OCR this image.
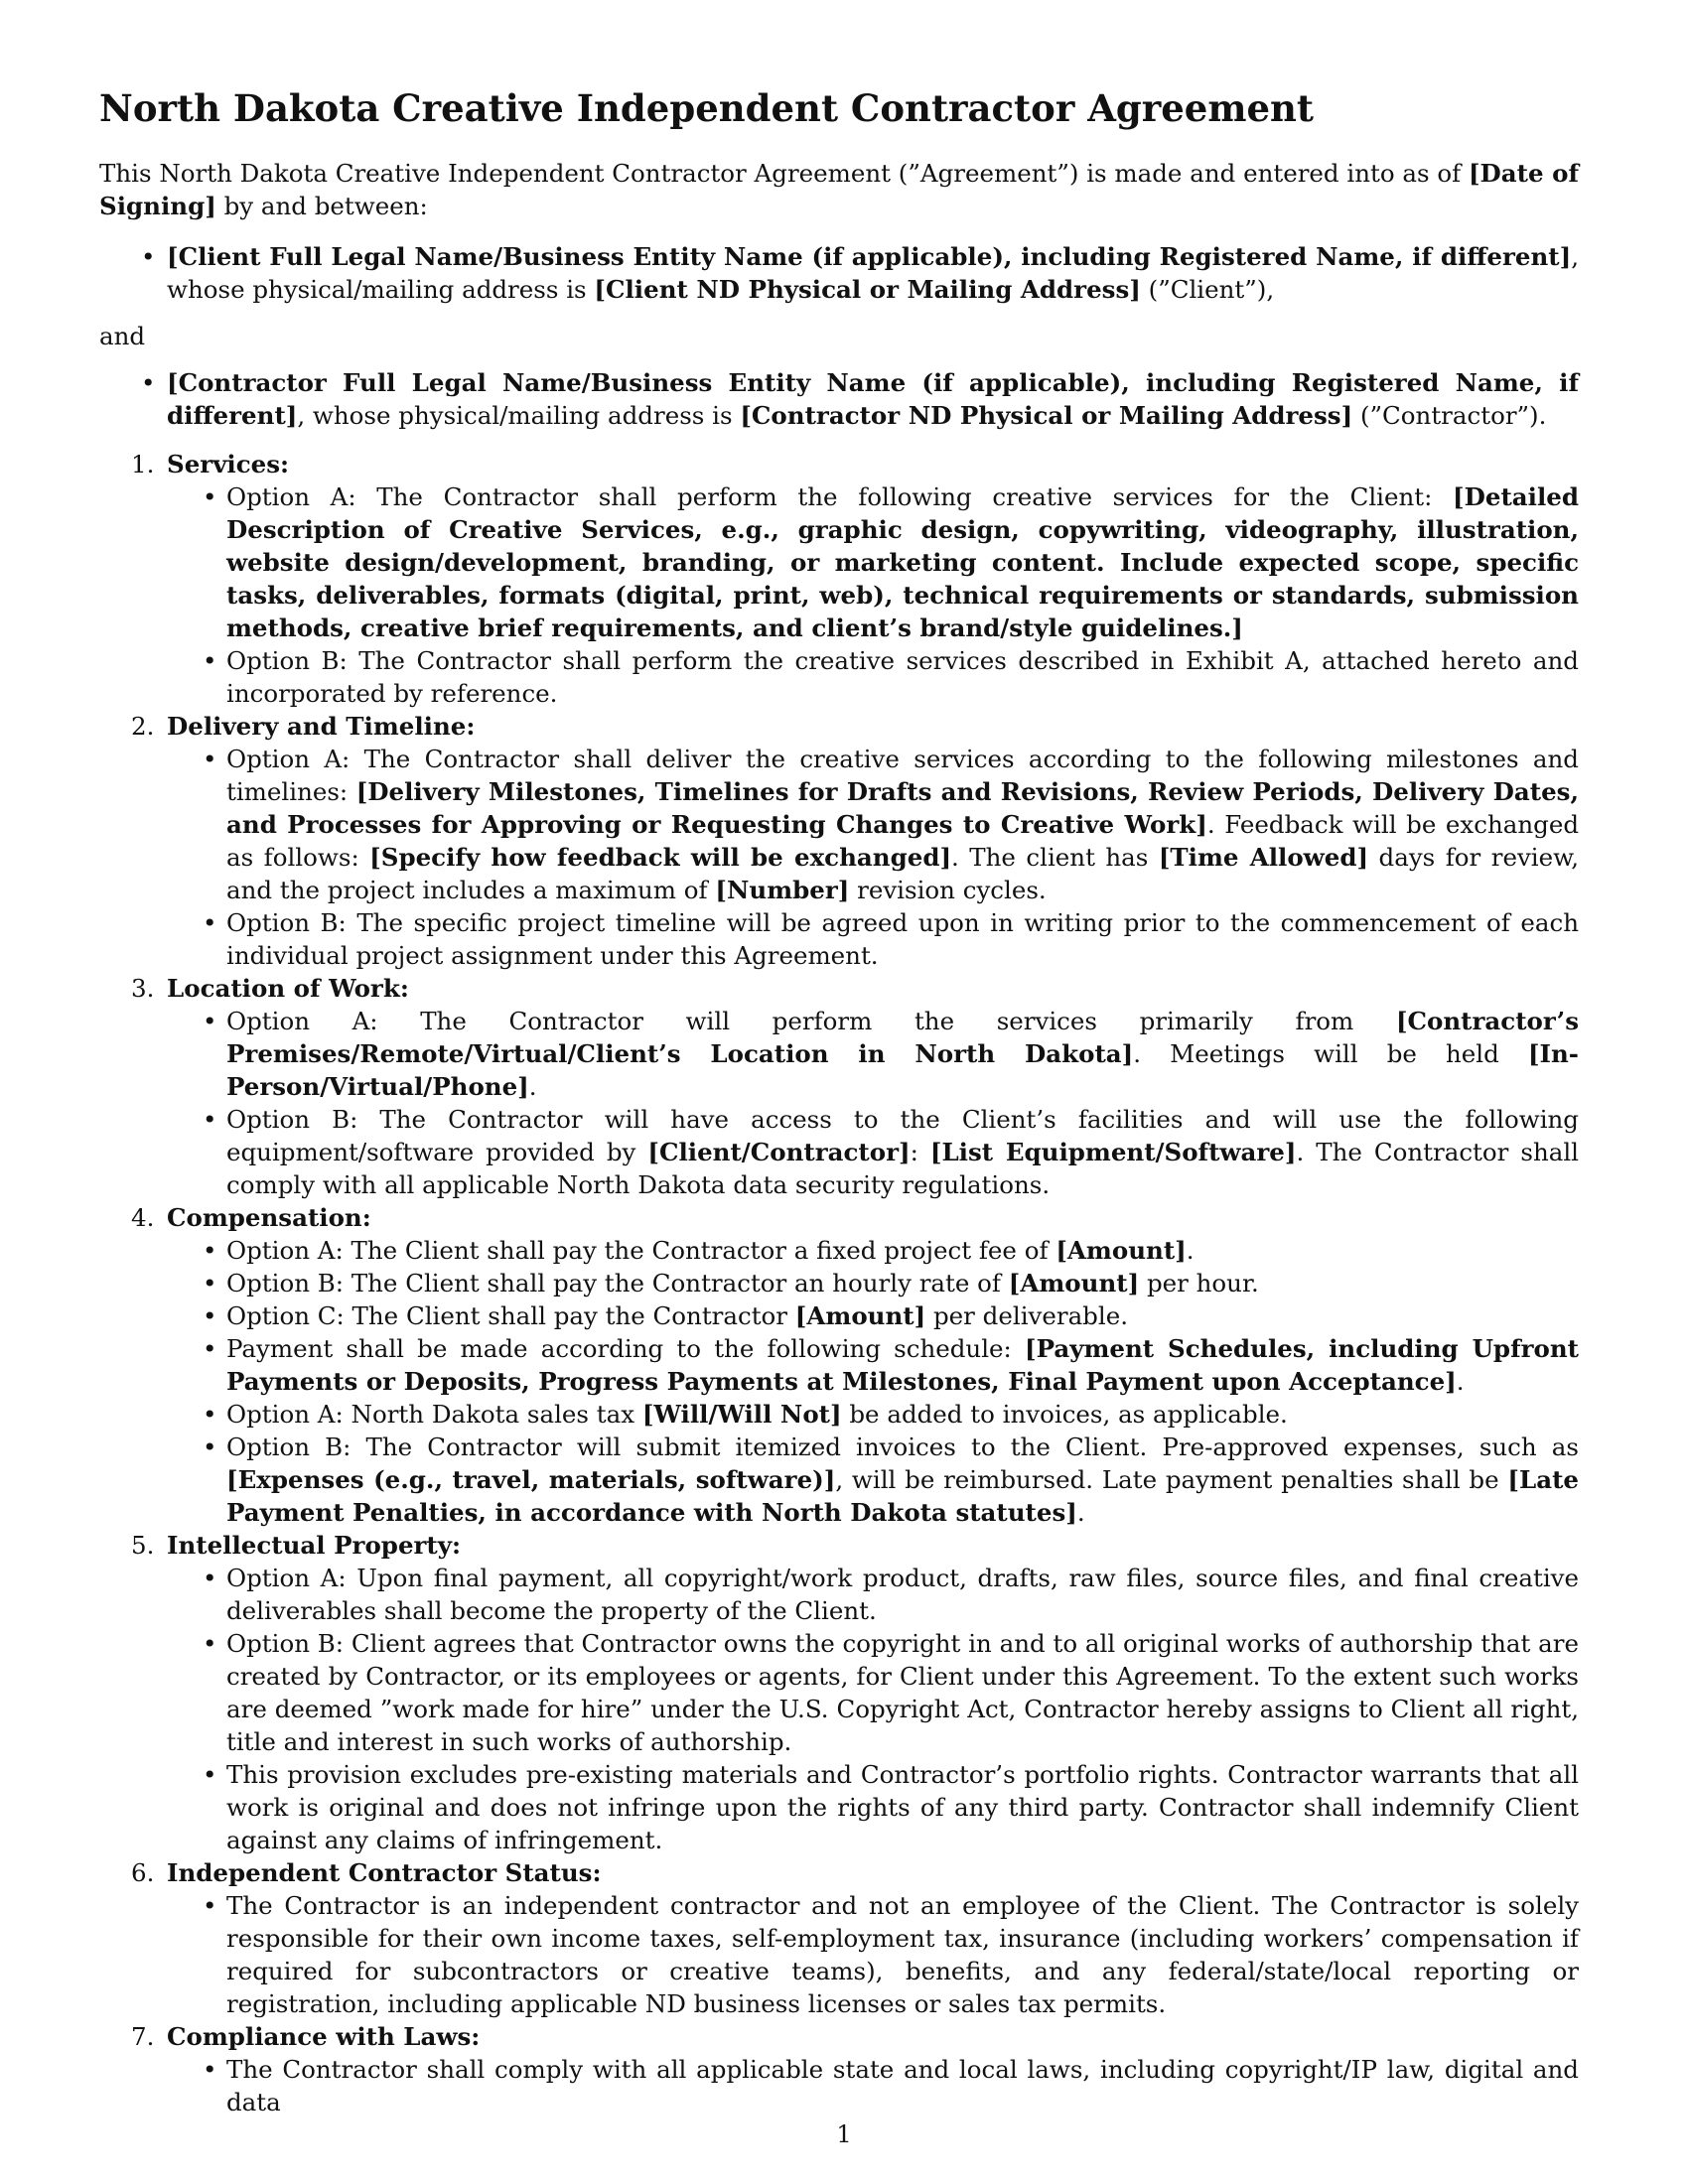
North Dakota Creative Independent Contractor Agreement

This North Dakota Creative Independent Contractor Agreement (”Agreement”) is made and entered into as of [Date of Signing] by and between:

• [Client Full Legal Name/Business Entity Name (if applicable), including Registered Name, if different], whose physical/mailing address is [Client ND Physical or Mailing Address] (”Client”),

and

• [Contractor Full Legal Name/Business Entity Name (if applicable), including Registered Name, if different], whose physical/mailing address is [Contractor ND Physical or Mailing Address] (”Contractor”).
1. Services:
• Option A: The Contractor shall perform the following creative services for the Client: [Detailed Description of Creative Services, e.g., graphic design, copywriting, videography, illustration, website design/development, branding, or marketing content. Include expected scope, specific tasks, deliverables, formats (digital, print, web), technical requirements or standards, submission methods, creative brief requirements, and client’s brand/style guidelines.]
• Option B: The Contractor shall perform the creative services described in Exhibit A, attached hereto and incorporated by reference.
2. Delivery and Timeline:
• Option A: The Contractor shall deliver the creative services according to the following milestones and timelines: [Delivery Milestones, Timelines for Drafts and Revisions, Review Periods, Delivery Dates, and Processes for Approving or Requesting Changes to Creative Work]. Feedback will be exchanged as follows: [Specify how feedback will be exchanged]. The client has [Time Allowed] days for review, and the project includes a maximum of [Number] revision cycles.
• Option B: The specific project timeline will be agreed upon in writing prior to the commencement of each individual project assignment under this Agreement.
3. Location of Work:
• Option A: The Contractor will perform the services primarily from [Contractor’s Premises/Remote/Virtual/Client’s Location in North Dakota]. Meetings will be held [In-Person/Virtual/Phone].
• Option B: The Contractor will have access to the Client’s facilities and will use the following equipment/software provided by [Client/Contractor]: [List Equipment/Software]. The Contractor shall comply with all applicable North Dakota data security regulations.
4. Compensation:
• Option A: The Client shall pay the Contractor a fixed project fee of [Amount].
• Option B: The Client shall pay the Contractor an hourly rate of [Amount] per hour.
• Option C: The Client shall pay the Contractor [Amount] per deliverable.
• Payment shall be made according to the following schedule: [Payment Schedules, including Upfront Payments or Deposits, Progress Payments at Milestones, Final Payment upon Acceptance].
• Option A: North Dakota sales tax [Will/Will Not] be added to invoices, as applicable.
• Option B: The Contractor will submit itemized invoices to the Client. Pre-approved expenses, such as [Expenses (e.g., travel, materials, software)], will be reimbursed. Late payment penalties shall be [Late Payment Penalties, in accordance with North Dakota statutes].
5. Intellectual Property:
• Option A: Upon final payment, all copyright/work product, drafts, raw files, source files, and final creative deliverables shall become the property of the Client.
• Option B: Client agrees that Contractor owns the copyright in and to all original works of authorship that are created by Contractor, or its employees or agents, for Client under this Agreement. To the extent such works are deemed ”work made for hire” under the U.S. Copyright Act, Contractor hereby assigns to Client all right, title and interest in such works of authorship.
• This provision excludes pre-existing materials and Contractor’s portfolio rights. Contractor warrants that all work is original and does not infringe upon the rights of any third party. Contractor shall indemnify Client against any claims of infringement.
6. Independent Contractor Status:
• The Contractor is an independent contractor and not an employee of the Client. The Contractor is solely responsible for their own income taxes, self-employment tax, insurance (including workers’ compensation if required for subcontractors or creative teams), benefits, and any federal/state/local reporting or registration, including applicable ND business licenses or sales tax permits.
7. Compliance with Laws:
• The Contractor shall comply with all applicable state and local laws, including copyright/IP law, digital and data
1
